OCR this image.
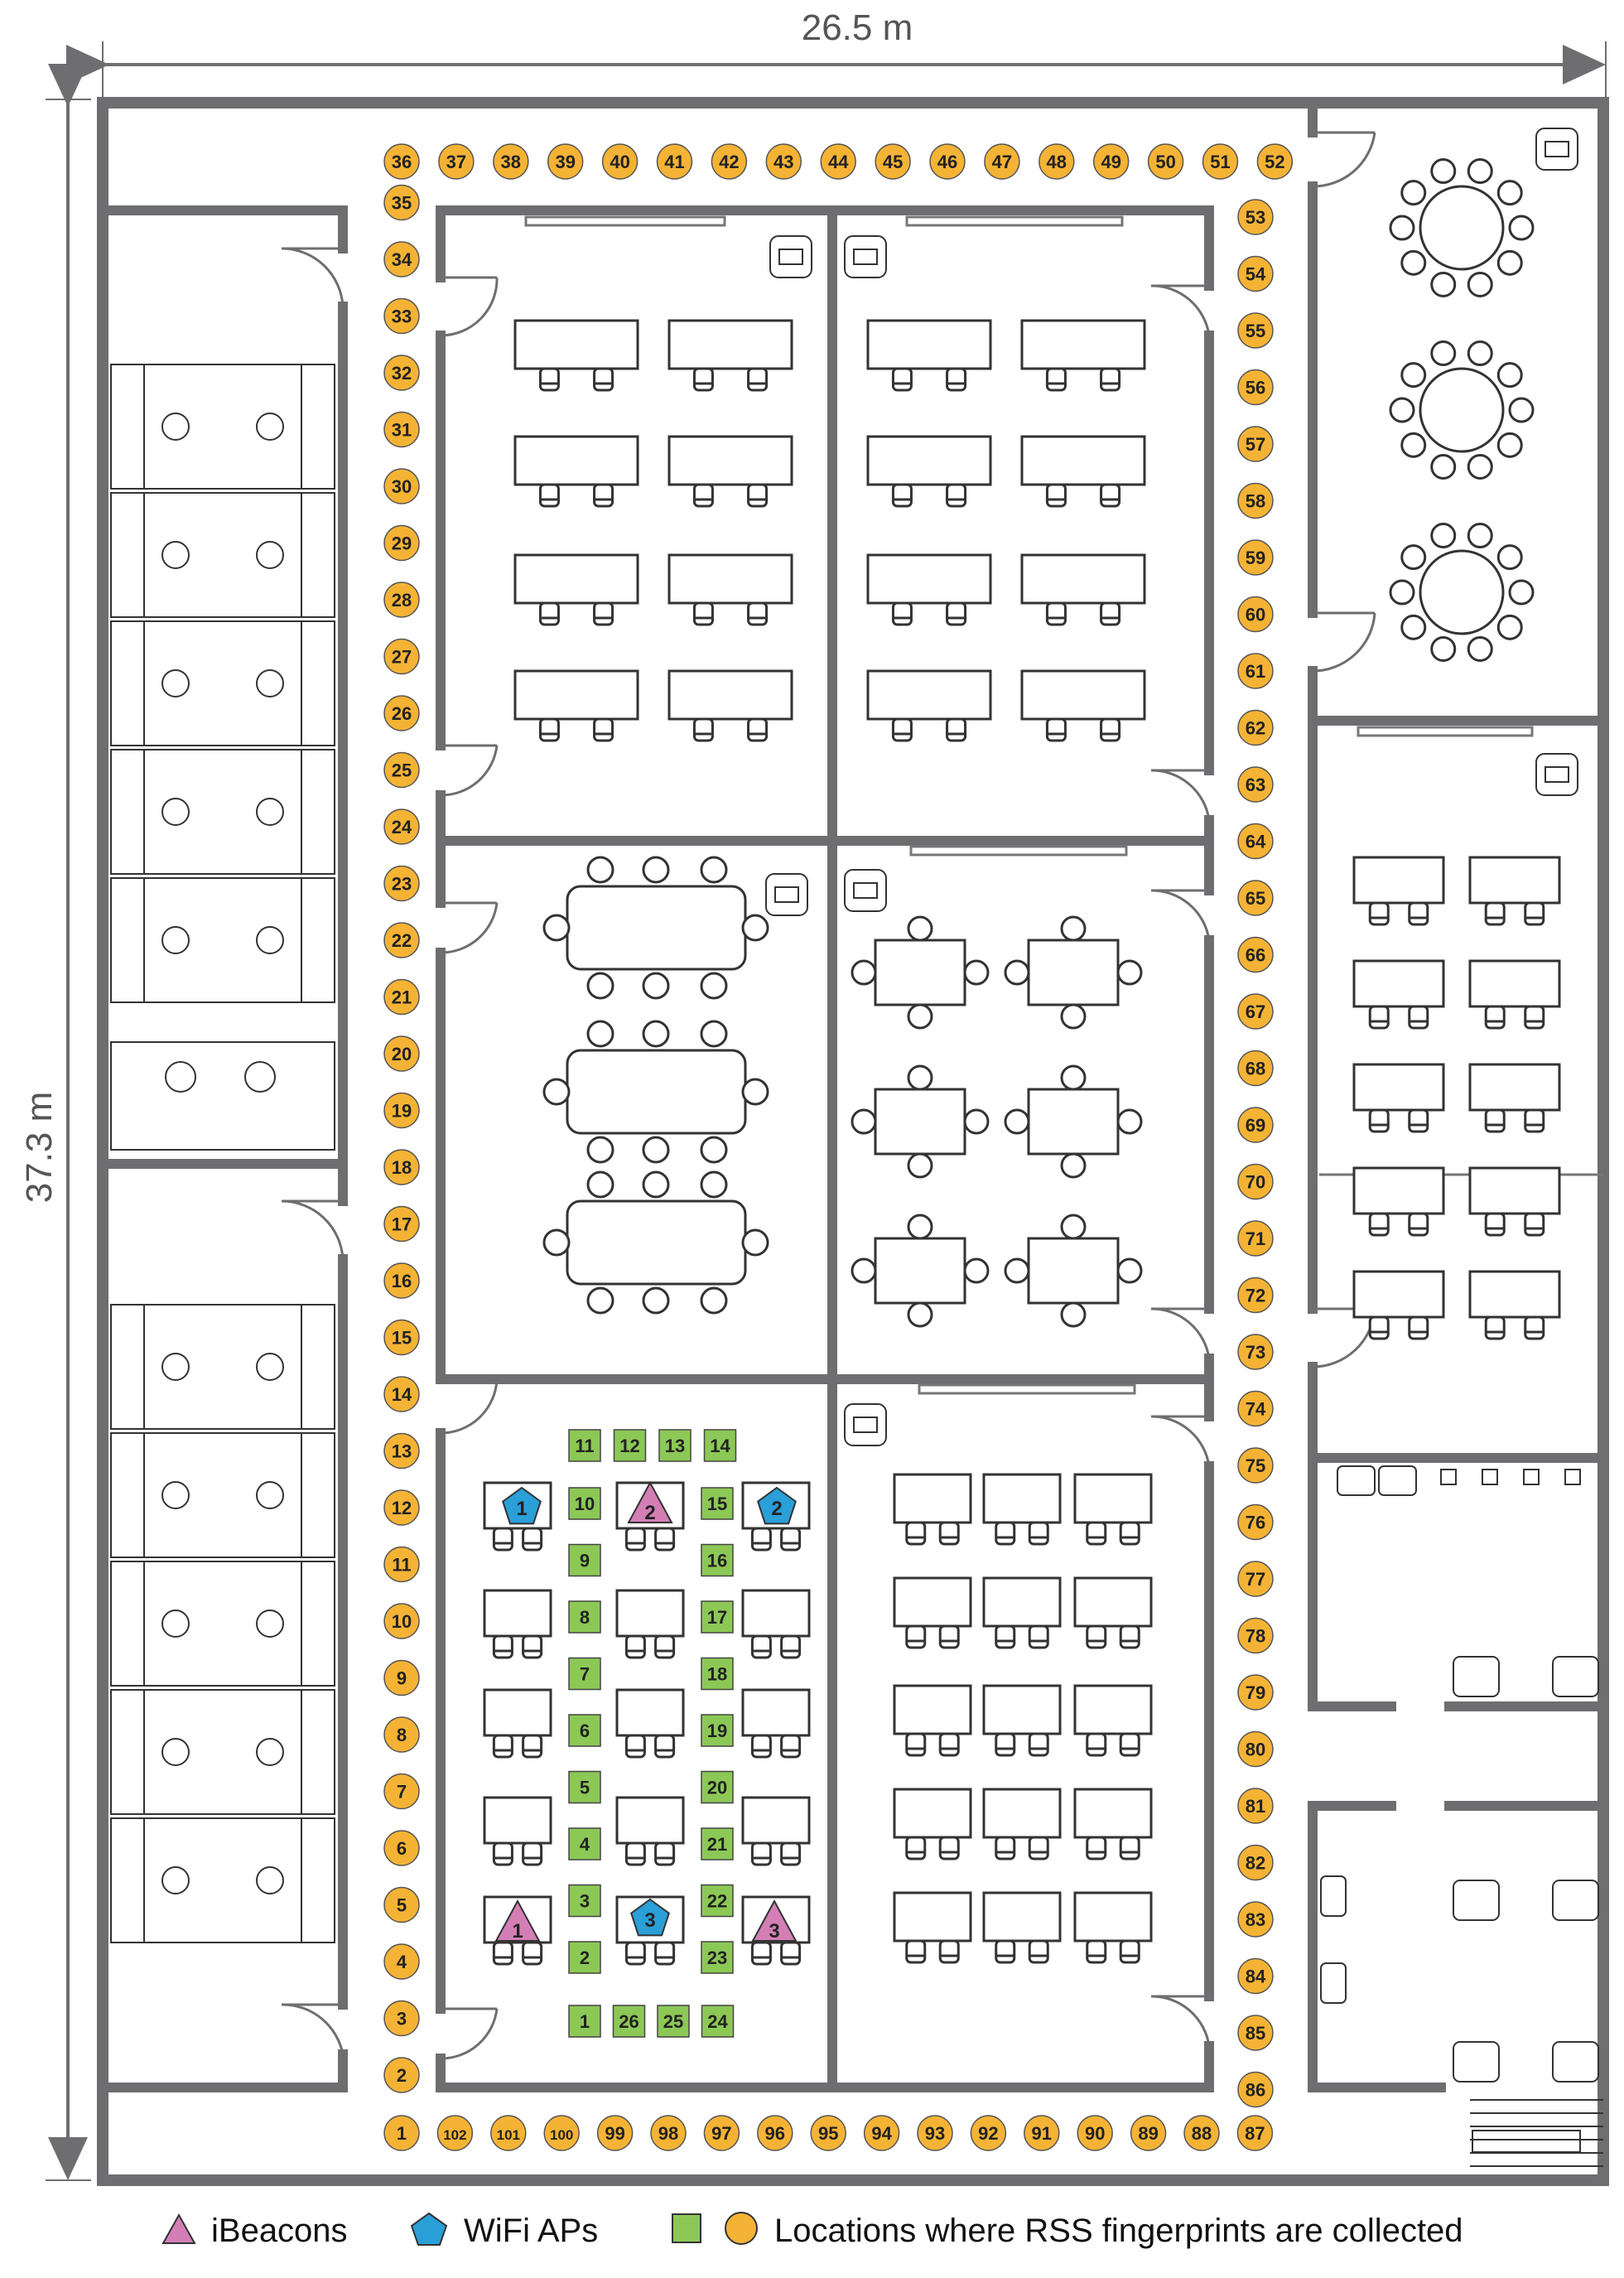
26.5 m
37.3 m
2
3
4
5
6
7
8
9
10
11
12
13
14
15
16
17
18
19
20
21
22
23
24
25
26
27
28
29
30
31
32
33
34
35
36 37 38 39 40 41 42 43 44 45 46 47 48 49 50 51 52
53
54
55
56
57
58
59
60
61
62
63
64
65
66
67
68
69
70
71
72
73
74
75
76
77
78
79
80
81
82
83
84
85
86
1	102 101 100 99 98 97 96 95 94 93 92 91 90 89 88 87
11 12 13 14
10
9
8
7
6
5
4
3
2
15
16
17
18
19
20
21
22
23
1 26 25 24
1
2
3
1	2
3
iBeacons	WiFi APs	Locations where RSS fingerprints are collected
